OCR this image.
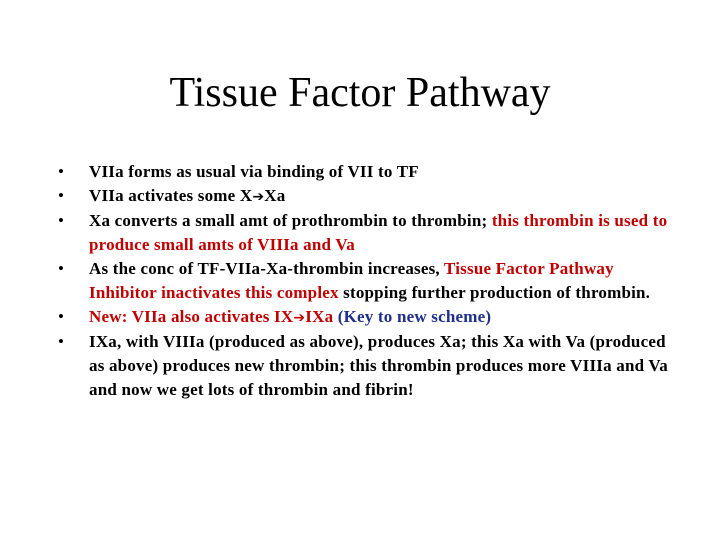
Tissue Factor Pathway
• VIIa forms as usual via binding of VII to TF
• VIIa activates some X➔Xa
• Xa converts a small amt of prothrombin to thrombin; this thrombin is used to produce small amts of VIIIa and Va
• As the conc of TF-VIIa-Xa-thrombin increases, Tissue Factor Pathway Inhibitor inactivates this complex stopping further production of thrombin.
• New: VIIa also activates IX➔IXa (Key to new scheme)
• IXa, with VIIIa (produced as above), produces Xa; this Xa with Va (produced as above) produces new thrombin; this thrombin produces more VIIIa and Va and now we get lots of thrombin and fibrin!
